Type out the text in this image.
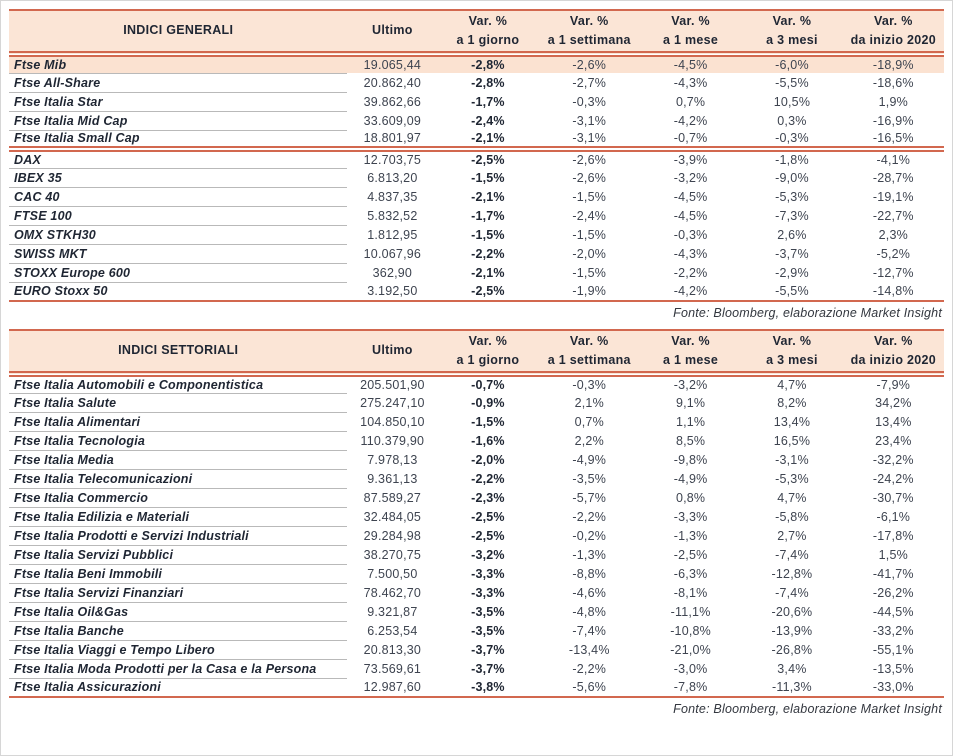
INDICI GENERALI	Ultimo	
Var. %
a 1 giorno

Var. %
a 1 settimana

Var. %
a 1 mese

Var. %
a 3 mesi

Var. %
da inizio 2020

Ftse Mib	19.065,44	-2,8%	-2,6%	-4,5%	-6,0%	-18,9%
Ftse All-Share	20.862,40	-2,8%	-2,7%	-4,3%	-5,5%	-18,6%
Ftse Italia Star	39.862,66	-1,7%	-0,3%	0,7%	10,5%	1,9%
Ftse Italia Mid Cap	33.609,09	-2,4%	-3,1%	-4,2%	0,3%	-16,9%
Ftse Italia Small Cap	18.801,97	-2,1%	-3,1%	-0,7%	-0,3%	-16,5%
DAX	12.703,75	-2,5%	-2,6%	-3,9%	-1,8%	-4,1%
IBEX 35	6.813,20	-1,5%	-2,6%	-3,2%	-9,0%	-28,7%
CAC 40	4.837,35	-2,1%	-1,5%	-4,5%	-5,3%	-19,1%
FTSE 100	5.832,52	-1,7%	-2,4%	-4,5%	-7,3%	-22,7%
OMX STKH30	1.812,95	-1,5%	-1,5%	-0,3%	2,6%	2,3%
SWISS MKT	10.067,96	-2,2%	-2,0%	-4,3%	-3,7%	-5,2%
STOXX Europe 600	362,90	-2,1%	-1,5%	-2,2%	-2,9%	-12,7%
EURO Stoxx 50	3.192,50	-2,5%	-1,9%	-4,2%	-5,5%	-14,8%
Fonte: Bloomberg, elaborazione Market Insight
INDICI SETTORIALI	Ultimo	
Var. %
a 1 giorno

Var. %
a 1 settimana

Var. %
a 1 mese

Var. %
a 3 mesi

Var. %
da inizio 2020

Ftse Italia Automobili e Componentistica	205.501,90	-0,7%	-0,3%	-3,2%	4,7%	-7,9%
Ftse Italia Salute	275.247,10	-0,9%	2,1%	9,1%	8,2%	34,2%
Ftse Italia Alimentari	104.850,10	-1,5%	0,7%	1,1%	13,4%	13,4%
Ftse Italia Tecnologia	110.379,90	-1,6%	2,2%	8,5%	16,5%	23,4%
Ftse Italia Media	7.978,13	-2,0%	-4,9%	-9,8%	-3,1%	-32,2%
Ftse Italia Telecomunicazioni	9.361,13	-2,2%	-3,5%	-4,9%	-5,3%	-24,2%
Ftse Italia Commercio	87.589,27	-2,3%	-5,7%	0,8%	4,7%	-30,7%
Ftse Italia Edilizia e Materiali	32.484,05	-2,5%	-2,2%	-3,3%	-5,8%	-6,1%
Ftse Italia Prodotti e Servizi Industriali	29.284,98	-2,5%	-0,2%	-1,3%	2,7%	-17,8%
Ftse Italia Servizi Pubblici	38.270,75	-3,2%	-1,3%	-2,5%	-7,4%	1,5%
Ftse Italia Beni Immobili	7.500,50	-3,3%	-8,8%	-6,3%	-12,8%	-41,7%
Ftse Italia Servizi Finanziari	78.462,70	-3,3%	-4,6%	-8,1%	-7,4%	-26,2%
Ftse Italia Oil&Gas	9.321,87	-3,5%	-4,8%	-11,1%	-20,6%	-44,5%
Ftse Italia Banche	6.253,54	-3,5%	-7,4%	-10,8%	-13,9%	-33,2%
Ftse Italia Viaggi e Tempo Libero	20.813,30	-3,7%	-13,4%	-21,0%	-26,8%	-55,1%
Ftse Italia Moda Prodotti per la Casa e la Persona	73.569,61	-3,7%	-2,2%	-3,0%	3,4%	-13,5%
Ftse Italia Assicurazioni	12.987,60	-3,8%	-5,6%	-7,8%	-11,3%	-33,0%
Fonte: Bloomberg, elaborazione Market Insight
